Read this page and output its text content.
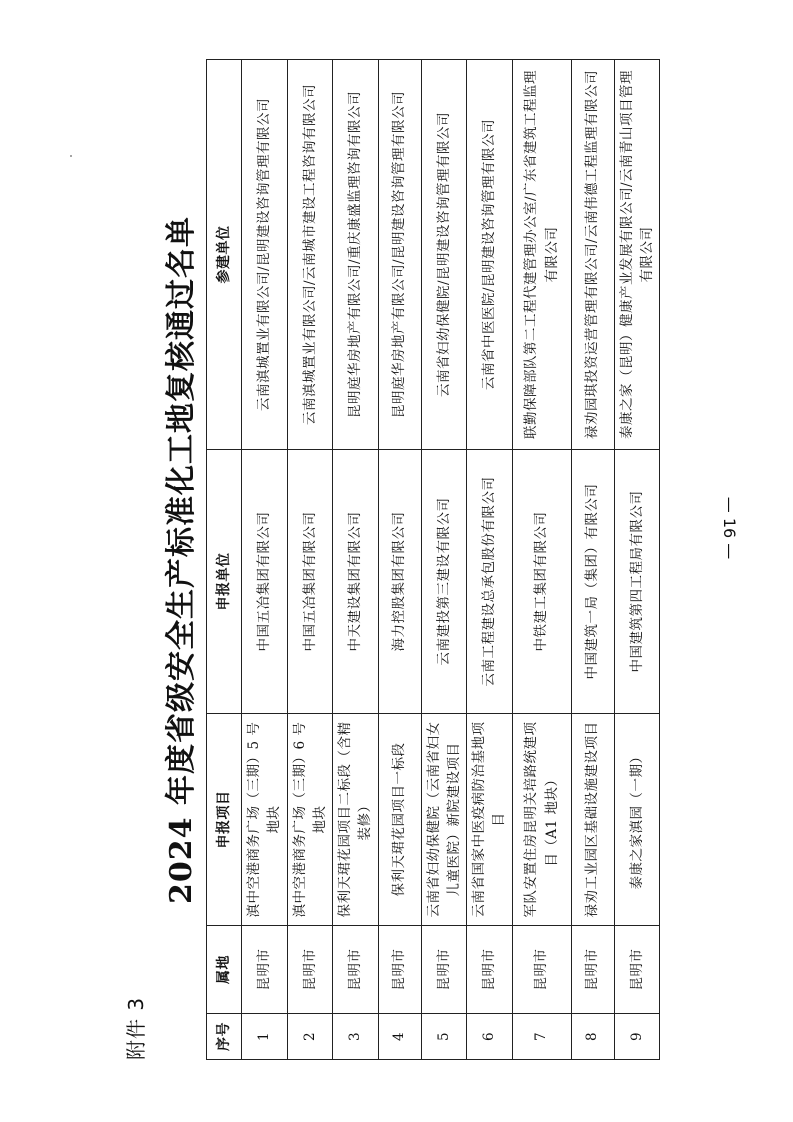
附件 3
2024 年度省级安全生产标准化工地复核通过名单
序号	属地	申报项目	申报单位	参建单位
1	昆明市	滇中空港商务广场（三期）5 号地块	中国五冶集团有限公司	云南滇城置业有限公司/昆明建设咨询管理有限公司
2	昆明市	滇中空港商务广场（三期）6 号地块	中国五冶集团有限公司	云南滇城置业有限公司/云南城市建设工程咨询有限公司
3	昆明市	保利天珺花园项目二标段（含精装修）	中天建设集团有限公司	昆明庭华房地产有限公司/重庆康盛监理咨询有限公司
4	昆明市	保利天珺花园项目一标段	海力控股集团有限公司	昆明庭华房地产有限公司/昆明建设咨询管理有限公司
5	昆明市	云南省妇幼保健院（云南省妇女儿童医院）新院建设项目	云南建投第三建设有限公司	云南省妇幼保健院/昆明建设咨询管理有限公司
6	昆明市	云南省国家中医疫病防治基地项目	云南工程建设总承包股份有限公司	云南省中医医院/昆明建设咨询管理有限公司
7	昆明市	军队安置住房昆明关培路统建项目（A1 地块）	中铁建工集团有限公司	联勤保障部队第二工程代建管理办公室/广东省建筑工程监理有限公司
8	昆明市	禄劝工业园区基础设施建设项目	中国建筑一局（集团）有限公司	禄劝园琪投资运营管理有限公司/云南伟德工程监理有限公司
9	昆明市	泰康之家滇园（一期）	中国建筑第四工程局有限公司	泰康之家（昆明）健康产业发展有限公司/云南青山项目管理有限公司
— 16 —
